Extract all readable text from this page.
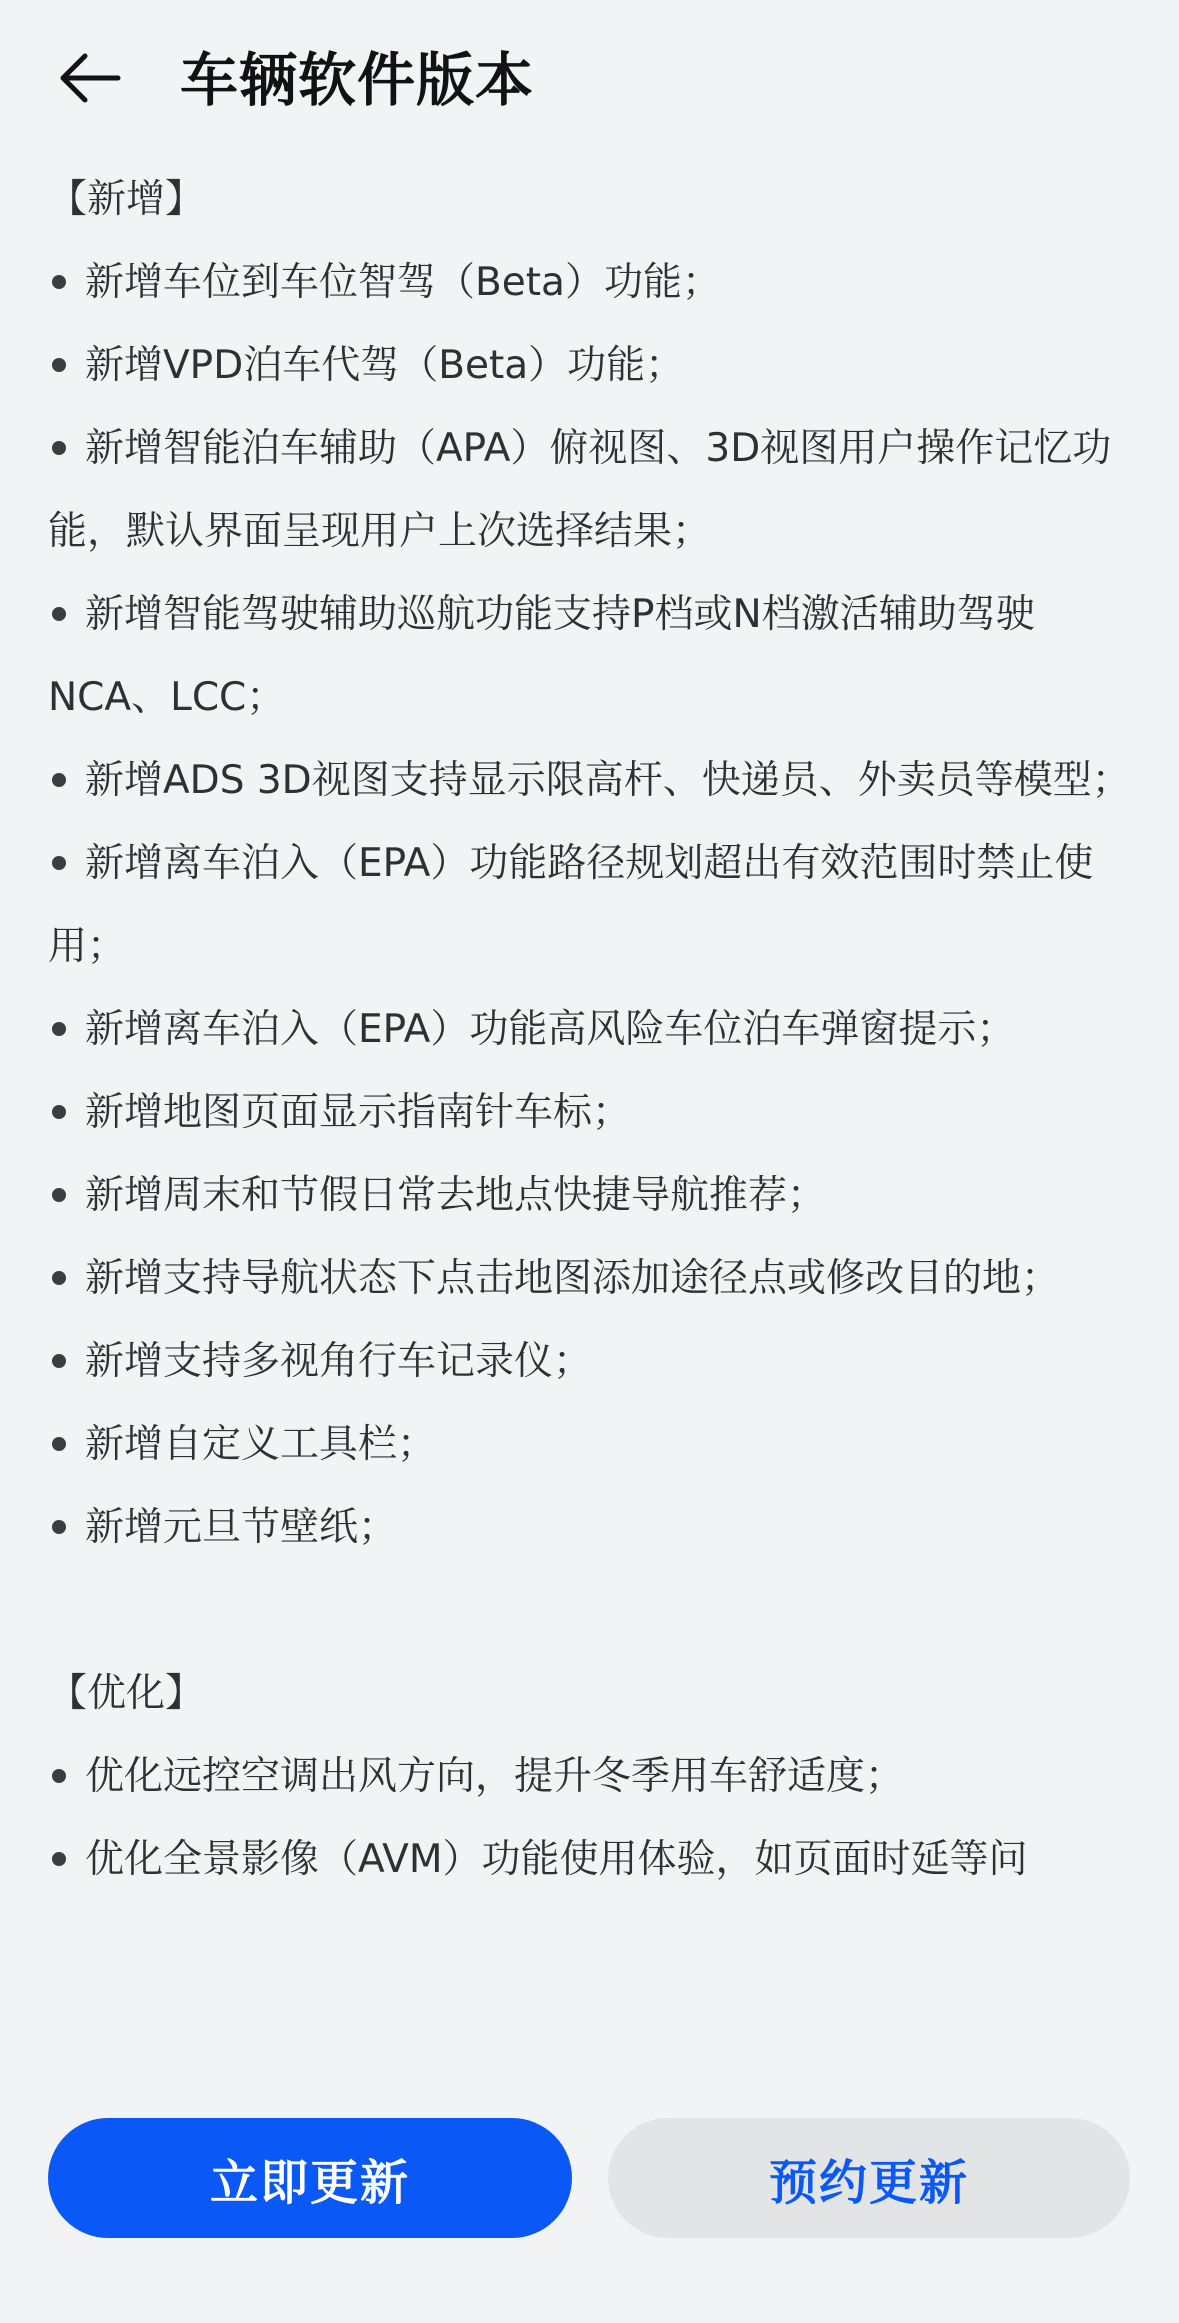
车辆软件版本
【新增】
新增车位到车位智驾（Beta）功能；
新增VPD泊车代驾（Beta）功能；
新增智能泊车辅助（APA）俯视图、3D视图用户操作记忆功能，默认界面呈现用户上次选择结果；
新增智能驾驶辅助巡航功能支持P档或N档激活辅助驾驶NCA、LCC；
新增ADS 3D视图支持显示限高杆、快递员、外卖员等模型；
新增离车泊入（EPA）功能路径规划超出有效范围时禁止使用；
新增离车泊入（EPA）功能高风险车位泊车弹窗提示；
新增地图页面显示指南针车标；
新增周末和节假日常去地点快捷导航推荐；
新增支持导航状态下点击地图添加途径点或修改目的地；
新增支持多视角行车记录仪；
新增自定义工具栏；
新增元旦节壁纸；
【优化】
优化远控空调出风方向，提升冬季用车舒适度；
优化全景影像（AVM）功能使用体验，如页面时延等问
立即更新	预约更新
